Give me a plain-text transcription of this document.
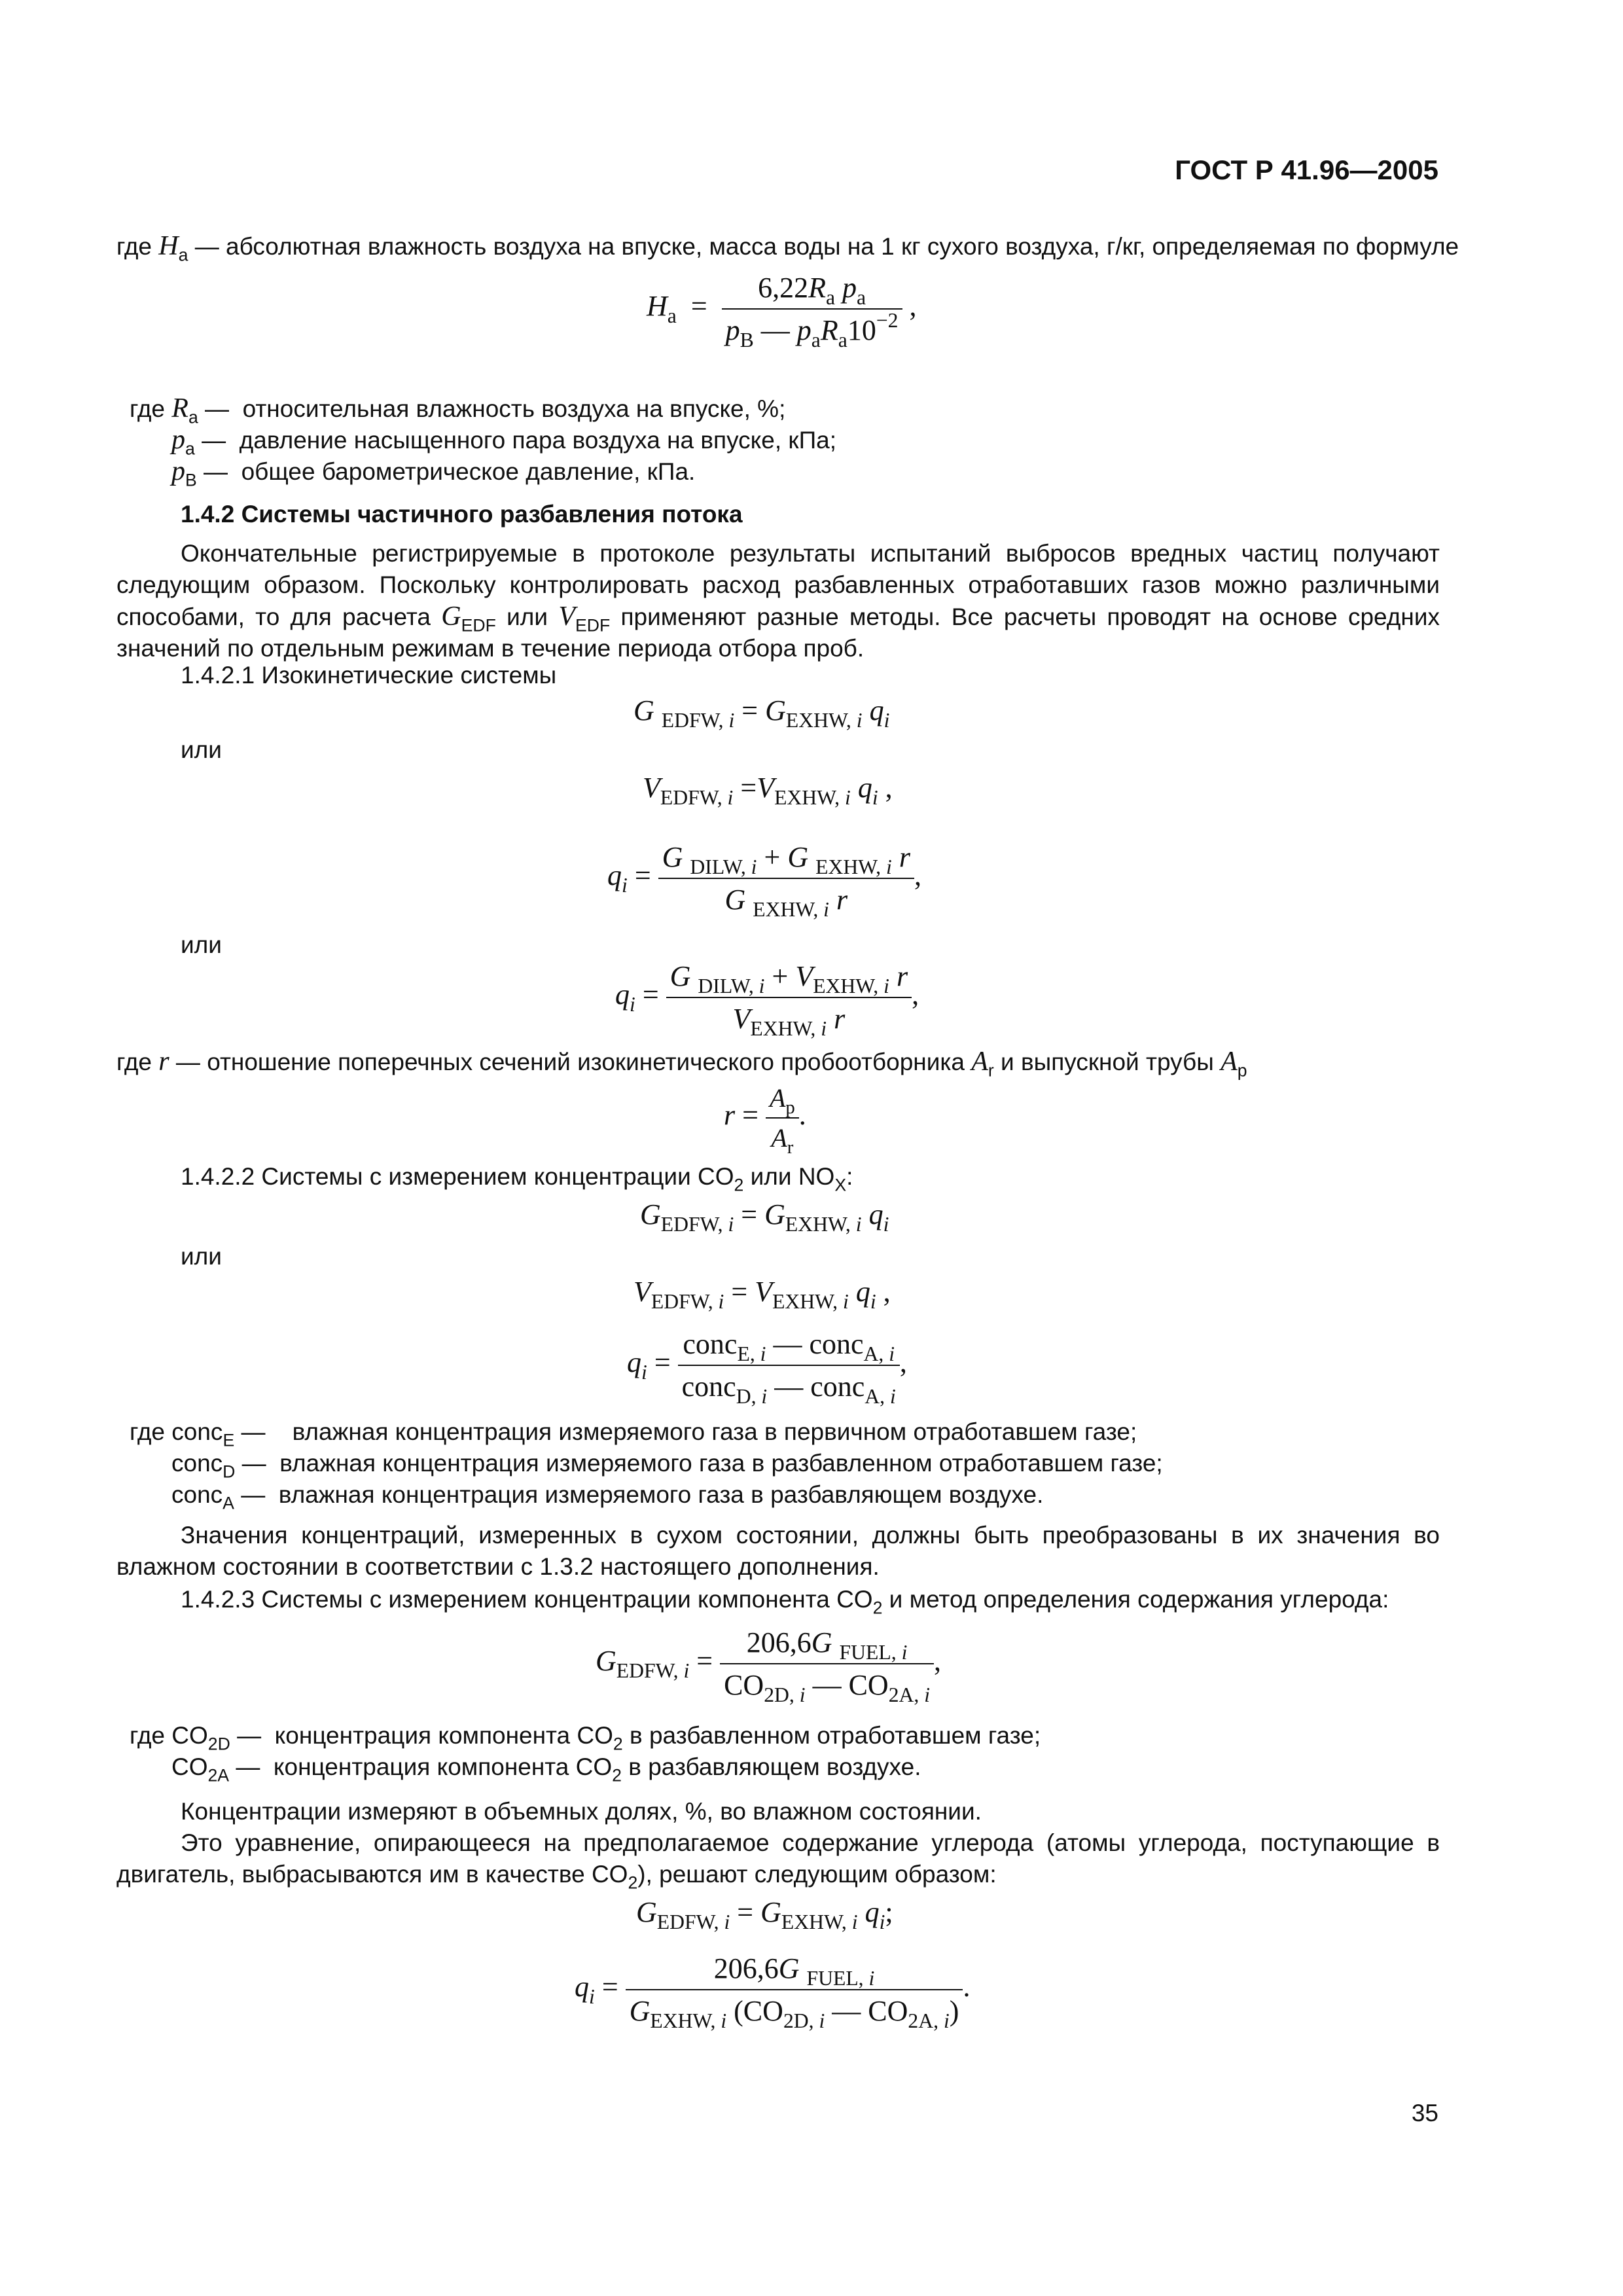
ГОСТ Р 41.96—2005
где $H_a$ — абсолютная влажность воздуха на впуске, масса воды на 1 кг сухого воздуха, г/кг, определяемая по формуле
$H_a = \frac{6,22R_a p_a}{p_B — p_aR_a10^{-2}}$ ,
где $R_a$ —  относительная влажность воздуха на впуске, %;
$p_a$ —  давление насыщенного пара воздуха на впуске, кПа;
$p_B$ —  общее барометрическое давление, кПа.
1.4.2 Системы частичного разбавления потока
Окончательные регистрируемые в протоколе результаты испытаний выбросов вредных частиц получают следующим образом. Поскольку контролировать расход разбавленных отработавших газов можно различными способами, то для расчета $G_{EDF}$ или $V_{EDF}$ применяют разные методы. Все расчеты проводят на основе средних значений по отдельным режимам в течение периода отбора проб.
1.4.2.1 Изокинетические системы
G $_{EDFW, i} = G_{EXHW, i}$ $q_i$
или
$V_{EDFW, i} =V_{EXHW, i}$ $q_i$ ,
$q_i = \frac{G _{DILW, i} + G _{EXHW, i} r}{G _{EXHW, i} r}$ ,
или
$q_i = \frac{G _{DILW, i} + V_{EXHW, i} r}{V_{EXHW, i} r}$ ,
где r — отношение поперечных сечений изокинетического пробоотборника $A_r$ и выпускной трубы $A_p$
$r = \frac{A_p}{A_r}$ .
1.4.2.2 Системы с измерением концентрации $CO_2$ или $NO_X$:
$G_{EDFW, i} = G_{EXHW, i}$ $q_i$
или
$V_{EDFW, i} = V_{EXHW, i}$ $q_i$ ,
$q_i = \frac{conc_{E, i} — conc_{A, i}}{conc_{D, i} — conc_{A, i}}$ ,
где conc$_E$ —    влажная концентрация измеряемого газа в первичном отработавшем газе;
conc$_D$ —  влажная концентрация измеряемого газа в разбавленном отработавшем газе;
conc$_A$ —  влажная концентрация измеряемого газа в разбавляющем воздухе.
Значения концентраций, измеренных в сухом состоянии, должны быть преобразованы в их значения во влажном состоянии в соответствии с 1.3.2 настоящего дополнения.
1.4.2.3 Системы с измерением концентрации компонента $CO_2$ и метод определения содержания углерода:
$G_{EDFW, i} = \frac{206,6G _{FUEL, i}}{CO_{2D, i} — CO_{2A, i}}$ ,
где $CO_{2D}$ —  концентрация компонента $CO_2$ в разбавленном отработавшем газе;
$CO_{2A}$ —  концентрация компонента $CO_2$ в разбавляющем воздухе.
Концентрации измеряют в объемных долях, %, во влажном состоянии.
Это уравнение, опирающееся на предполагаемое содержание углерода (атомы углерода, поступающие в двигатель, выбрасываются им в качестве $CO_2$), решают следующим образом:
$G_{EDFW, i} = G_{EXHW, i}$ $q_i$;
$q_i = \frac{206,6G _{FUEL, i}}{G_{EXHW, i} (CO_{2D, i} — CO_{2A, i})}$ .
35
